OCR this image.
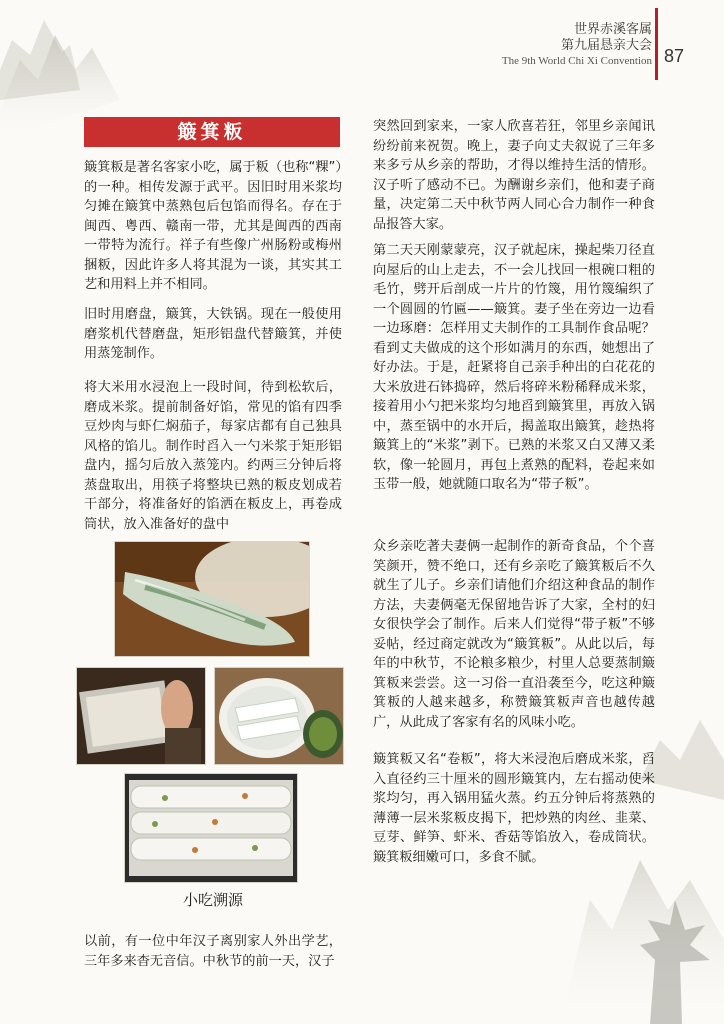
世界赤溪客属
第九届恳亲大会
The 9th World Chi Xi Convention 87
簸箕粄

簸箕粄是著名客家小吃，属于粄（也称“粿”）的一种。相传发源于武平。因旧时用米浆均匀摊在簸箕中蒸熟包后包馅而得名。存在于闽西、粤西、赣南一带，尤其是闽西的西南一带特为流行。祥子有些像广州肠粉或梅州捆粄，因此许多人将其混为一谈，其实其工艺和用料上并不相同。

旧时用磨盘，簸箕，大铁锅。现在一般使用磨浆机代替磨盘，矩形铝盘代替簸箕，并使用蒸笼制作。

将大米用水浸泡上一段时间，待到松软后，磨成米浆。提前制备好馅，常见的馅有四季豆炒肉与虾仁焖茄子，每家店都有自己独具风格的馅儿。制作时舀入一勺米浆于矩形铝盘内，摇匀后放入蒸笼内。约两三分钟后将蒸盘取出，用筷子将整块已熟的粄皮划成若干部分，将准备好的馅洒在粄皮上，再卷成筒状，放入准备好的盘中

小吃溯源

以前，有一位中年汉子离别家人外出学艺，三年多来杳无音信。中秋节的前一天，汉子

突然回到家来，一家人欣喜若狂，邻里乡亲闻讯纷纷前来祝贺。晚上，妻子向丈夫叙说了三年多来多亏从乡亲的帮助，才得以维持生活的情形。汉子听了感动不已。为酬谢乡亲们，他和妻子商量，决定第二天中秋节两人同心合力制作一种食品报答大家。

第二天天刚蒙蒙亮，汉子就起床，操起柴刀径直向屋后的山上走去，不一会儿找回一根碗口粗的毛竹，劈开后剖成一片片的竹篾，用竹篾编织了一个圆圆的竹匾——簸箕。妻子坐在旁边一边看一边琢磨：怎样用丈夫制作的工具制作食品呢？看到丈夫做成的这个形如满月的东西，她想出了好办法。于是，赶紧将自己亲手种出的白花花的大米放进石钵捣碎，然后将碎米粉稀释成米浆，接着用小勺把米浆均匀地舀到簸箕里，再放入锅中，蒸至锅中的水开后，揭盖取出簸箕，趁热将簸箕上的“米浆”剥下。已熟的米浆又白又薄又柔软，像一轮圆月，再包上煮熟的配料，卷起来如玉带一般，她就随口取名为“带子粄”。

众乡亲吃著夫妻俩一起制作的新奇食品，个个喜笑颜开，赞不绝口，还有乡亲吃了簸箕粄后不久就生了儿子。乡亲们请他们介绍这种食品的制作方法，夫妻俩毫无保留地告诉了大家，全村的妇女很快学会了制作。后来人们觉得“带子粄”不够妥帖，经过商定就改为“簸箕粄”。从此以后，每年的中秋节，不论粮多粮少，村里人总要蒸制簸箕粄来尝尝。这一习俗一直沿袭至今，吃这种簸箕粄的人越来越多，称赞簸箕粄声音也越传越广，从此成了客家有名的风味小吃。

簸箕粄又名“卷粄”，将大米浸泡后磨成米浆，舀入直径约三十厘米的圆形簸箕内，左右摇动使米浆均匀，再入锅用猛火蒸。约五分钟后将蒸熟的薄薄一层米浆粄皮揭下，把炒熟的肉丝、韭菜、豆芽、鲜笋、虾米、香菇等馅放入，卷成筒状。簸箕粄细嫩可口，多食不腻。
